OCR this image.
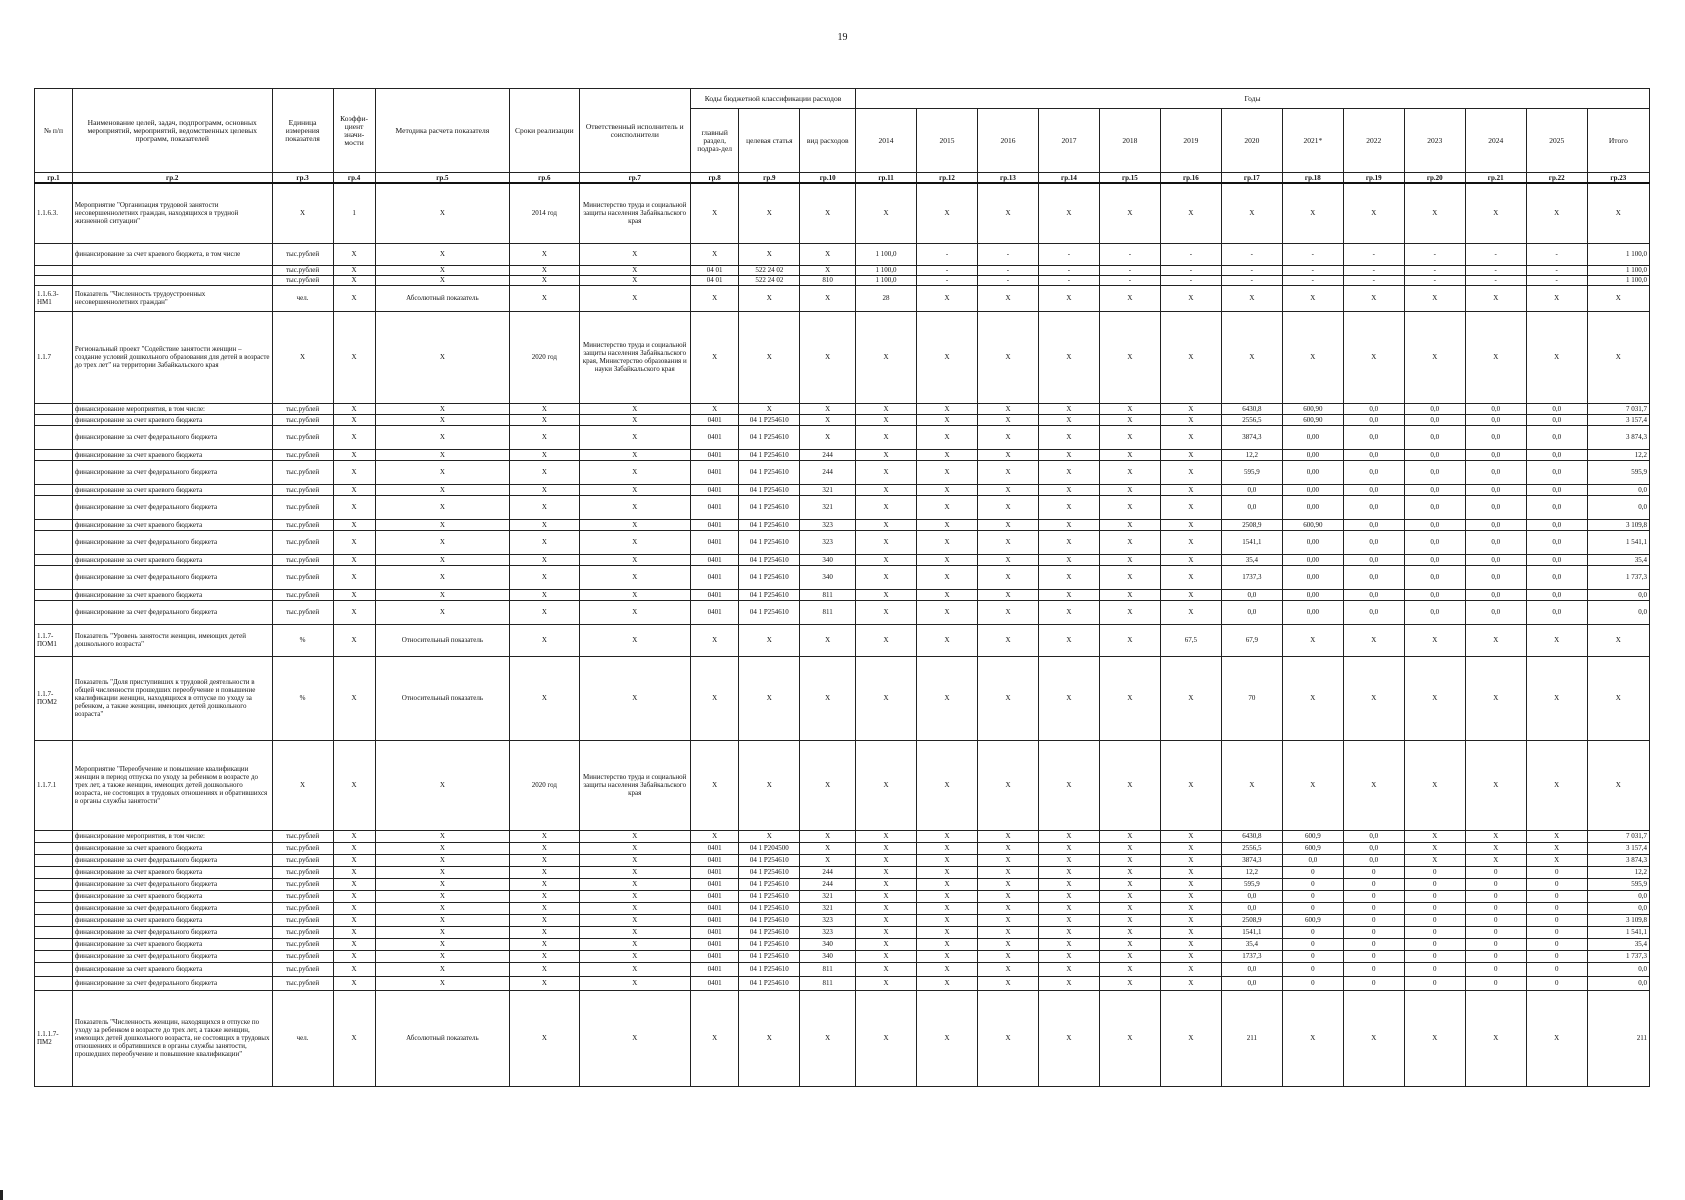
19
№ п/п	Наименование целей, задач, подпрограмм, основных мероприятий, мероприятий, ведомственных целевых программ, показателей	Единица измерения показателя	Коэффи-циент значи-мости	Методика расчета показателя	Сроки реализации	Ответственный исполнитель и соисполнители	Коды бюджетной классификации расходов			Годы												
							главный раздел, подраз-дел	целевая статья	вид расходов	2014	2015	2016	2017	2018	2019	2020	2021*	2022	2023	2024	2025	Итого
гр.1	гр.2	гр.3	гр.4	гр.5	гр.6	гр.7	гр.8	гр.9	гр.10	гр.11	гр.12	гр.13	гр.14	гр.15	гр.16	гр.17	гр.18	гр.19	гр.20	гр.21	гр.22	гр.23
1.1.6.3.	Мероприятие "Организация трудовой занятости несовершеннолетних граждан, находящихся в трудной жизненной ситуации"	Х	1	Х	2014 год	Министерство труда и социальной защиты населения Забайкальского края	Х	Х	Х	Х	Х	Х	Х	Х	Х	Х	Х	Х	Х	Х	Х	Х
	финансирование за счет краевого бюджета, в том числе	тыс.рублей	Х	Х	Х	Х	Х	Х	Х	1 100,0	-	-	-	-	-	-	-	-	-	-	-	1 100,0
		тыс.рублей	Х	Х	Х	Х	04 01	522 24 02	Х	1 100,0	-	-	-	-	-	-	-	-	-	-	-	1 100,0
		тыс.рублей	Х	Х	Х	Х	04 01	522 24 02	810	1 100,0	-	-	-	-	-	-	-	-	-	-	-	1 100,0
1.1.6.3-НМ1	Показатель "Численность трудоустроенных несовершеннолетних граждан"	чел.	Х	Абсолютный показатель	Х	Х	Х	Х	Х	28	Х	Х	Х	Х	Х	Х	Х	Х	Х	Х	Х	Х
1.1.7	Региональный проект "Содействие занятости женщин – создание условий дошкольного образования для детей в возрасте до трех лет" на территории Забайкальского края	Х	Х	Х	2020 год	Министерство труда и социальной защиты населения Забайкальского края, Министерство образования и науки Забайкальского края	Х	Х	Х	Х	Х	Х	Х	Х	Х	Х	Х	Х	Х	Х	Х	Х
	финансирование мероприятия, в том числе:	тыс.рублей	Х	Х	Х	Х	Х	Х	Х	Х	Х	Х	Х	Х	Х	6430,8	600,90	0,0	0,0	0,0	0,0	7 031,7
	финансирование за счет краевого бюджета	тыс.рублей	Х	Х	Х	Х	0401	04 1 P254610	Х	Х	Х	Х	Х	Х	Х	2556,5	600,90	0,0	0,0	0,0	0,0	3 157,4
	финансирование за счет федерального бюджета	тыс.рублей	Х	Х	Х	Х	0401	04 1 P254610	Х	Х	Х	Х	Х	Х	Х	3874,3	0,00	0,0	0,0	0,0	0,0	3 874,3
	финансирование за счет краевого бюджета	тыс.рублей	Х	Х	Х	Х	0401	04 1 P254610	244	Х	Х	Х	Х	Х	Х	12,2	0,00	0,0	0,0	0,0	0,0	12,2
	финансирование за счет федерального бюджета	тыс.рублей	Х	Х	Х	Х	0401	04 1 P254610	244	Х	Х	Х	Х	Х	Х	595,9	0,00	0,0	0,0	0,0	0,0	595,9
	финансирование за счет краевого бюджета	тыс.рублей	Х	Х	Х	Х	0401	04 1 P254610	321	Х	Х	Х	Х	Х	Х	0,0	0,00	0,0	0,0	0,0	0,0	0,0
	финансирование за счет федерального бюджета	тыс.рублей	Х	Х	Х	Х	0401	04 1 P254610	321	Х	Х	Х	Х	Х	Х	0,0	0,00	0,0	0,0	0,0	0,0	0,0
	финансирование за счет краевого бюджета	тыс.рублей	Х	Х	Х	Х	0401	04 1 P254610	323	Х	Х	Х	Х	Х	Х	2508,9	600,90	0,0	0,0	0,0	0,0	3 109,8
	финансирование за счет федерального бюджета	тыс.рублей	Х	Х	Х	Х	0401	04 1 P254610	323	Х	Х	Х	Х	Х	Х	1541,1	0,00	0,0	0,0	0,0	0,0	1 541,1
	финансирование за счет краевого бюджета	тыс.рублей	Х	Х	Х	Х	0401	04 1 P254610	340	Х	Х	Х	Х	Х	Х	35,4	0,00	0,0	0,0	0,0	0,0	35,4
	финансирование за счет федерального бюджета	тыс.рублей	Х	Х	Х	Х	0401	04 1 P254610	340	Х	Х	Х	Х	Х	Х	1737,3	0,00	0,0	0,0	0,0	0,0	1 737,3
	финансирование за счет краевого бюджета	тыс.рублей	Х	Х	Х	Х	0401	04 1 P254610	811	Х	Х	Х	Х	Х	Х	0,0	0,00	0,0	0,0	0,0	0,0	0,0
	финансирование за счет федерального бюджета	тыс.рублей	Х	Х	Х	Х	0401	04 1 P254610	811	Х	Х	Х	Х	Х	Х	0,0	0,00	0,0	0,0	0,0	0,0	0,0
1.1.7-ПОМ1	Показатель "Уровень занятости женщин, имеющих детей дошкольного возраста"	%	Х	Относительный показатель	Х	Х	Х	Х	Х	Х	Х	Х	Х	Х	67,5	67,9	Х	Х	Х	Х	Х	Х
1.1.7-ПОМ2	Показатель "Доля приступивших к трудовой деятельности в общей численности прошедших переобучение и повышение квалификации женщин, находящихся в отпуске по уходу за ребенком, а также женщин, имеющих детей дошкольного возраста"	%	Х	Относительный показатель	Х	Х	Х	Х	Х	Х	Х	Х	Х	Х	Х	70	Х	Х	Х	Х	Х	Х
1.1.7.1	Мероприятие "Переобучение и повышение квалификации женщин в период отпуска по уходу за ребенком в возрасте до трех лет, а также женщин, имеющих детей дошкольного возраста, не состоящих в трудовых отношениях и обратившихся в органы службы занятости"	Х	Х	Х	2020 год	Министерство труда и социальной защиты населения Забайкальского края	Х	Х	Х	Х	Х	Х	Х	Х	Х	Х	Х	Х	Х	Х	Х	Х
	финансирование мероприятия, в том числе:	тыс.рублей	Х	Х	Х	Х	Х	Х	Х	Х	Х	Х	Х	Х	Х	6430,8	600,9	0,0	Х	Х	Х	7 031,7
	финансирование за счет краевого бюджета	тыс.рублей	Х	Х	Х	Х	0401	04 1 P204500	Х	Х	Х	Х	Х	Х	Х	2556,5	600,9	0,0	Х	Х	Х	3 157,4
	финансирование за счет федерального бюджета	тыс.рублей	Х	Х	Х	Х	0401	04 1 P254610	Х	Х	Х	Х	Х	Х	Х	3874,3	0,0	0,0	Х	Х	Х	3 874,3
	финансирование за счет краевого бюджета	тыс.рублей	Х	Х	Х	Х	0401	04 1 P254610	244	Х	Х	Х	Х	Х	Х	12,2	0	0	0	0	0	12,2
	финансирование за счет федерального бюджета	тыс.рублей	Х	Х	Х	Х	0401	04 1 P254610	244	Х	Х	Х	Х	Х	Х	595,9	0	0	0	0	0	595,9
	финансирование за счет краевого бюджета	тыс.рублей	Х	Х	Х	Х	0401	04 1 P254610	321	Х	Х	Х	Х	Х	Х	0,0	0	0	0	0	0	0,0
	финансирование за счет федерального бюджета	тыс.рублей	Х	Х	Х	Х	0401	04 1 P254610	321	Х	Х	Х	Х	Х	Х	0,0	0	0	0	0	0	0,0
	финансирование за счет краевого бюджета	тыс.рублей	Х	Х	Х	Х	0401	04 1 P254610	323	Х	Х	Х	Х	Х	Х	2508,9	600,9	0	0	0	0	3 109,8
	финансирование за счет федерального бюджета	тыс.рублей	Х	Х	Х	Х	0401	04 1 P254610	323	Х	Х	Х	Х	Х	Х	1541,1	0	0	0	0	0	1 541,1
	финансирование за счет краевого бюджета	тыс.рублей	Х	Х	Х	Х	0401	04 1 P254610	340	Х	Х	Х	Х	Х	Х	35,4	0	0	0	0	0	35,4
	финансирование за счет федерального бюджета	тыс.рублей	Х	Х	Х	Х	0401	04 1 P254610	340	Х	Х	Х	Х	Х	Х	1737,3	0	0	0	0	0	1 737,3
	финансирование за счет краевого бюджета	тыс.рублей	Х	Х	Х	Х	0401	04 1 P254610	811	Х	Х	Х	Х	Х	Х	0,0	0	0	0	0	0	0,0
	финансирование за счет федерального бюджета	тыс.рублей	Х	Х	Х	Х	0401	04 1 P254610	811	Х	Х	Х	Х	Х	Х	0,0	0	0	0	0	0	0,0
1.1.1.7-ПМ2	Показатель "Численность женщин, находящихся в отпуске по уходу за ребенком в возрасте до трех лет, а также женщин, имеющих детей дошкольного возраста, не состоящих в трудовых отношениях и обратившихся в органы службы занятости, прошедших переобучение и повышение квалификации"	чел.	Х	Абсолютный показатель	Х	Х	Х	Х	Х	Х	Х	Х	Х	Х	Х	211	Х	Х	Х	Х	Х	211
